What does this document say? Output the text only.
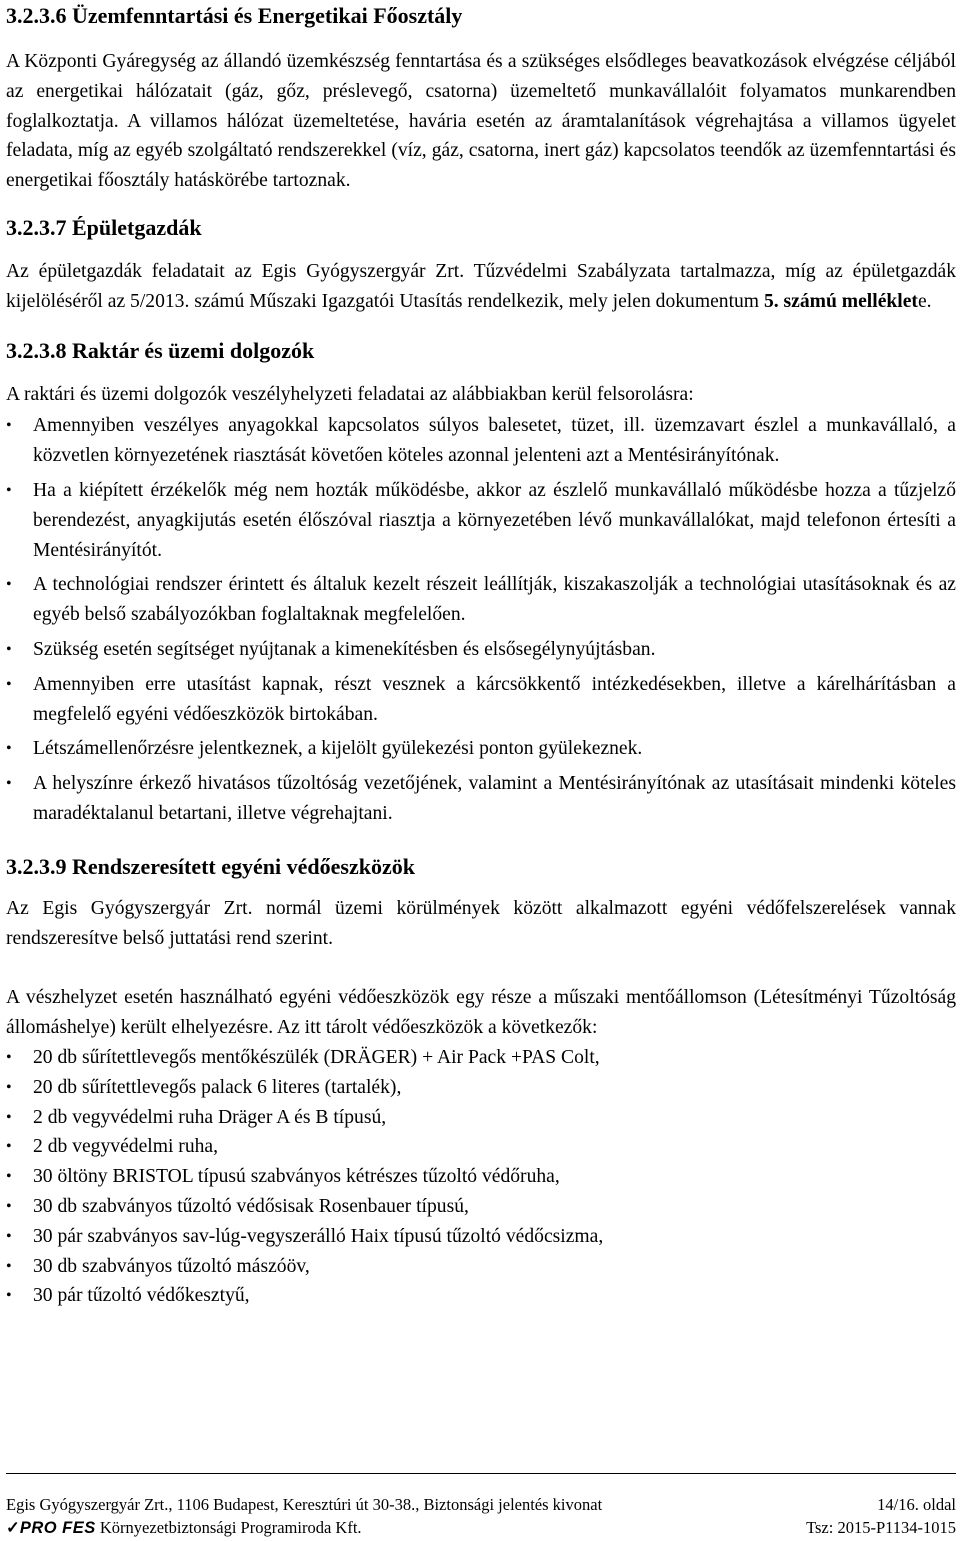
3.2.3.6 Üzemfenntartási és Energetikai Főosztály

A Központi Gyáregység az állandó üzemkészség fenntartása és a szükséges elsődleges beavatkozások elvégzése céljából az energetikai hálózatait (gáz, gőz, préslevegő, csatorna) üzemeltető munkavállalóit folyamatos munkarendben foglalkoztatja. A villamos hálózat üzemeltetése, havária esetén az áramtalanítások végrehajtása a villamos ügyelet feladata, míg az egyéb szolgáltató rendszerekkel (víz, gáz, csatorna, inert gáz) kapcsolatos teendők az üzemfenntartási és energetikai főosztály hatáskörébe tartoznak.

3.2.3.7 Épületgazdák

Az épületgazdák feladatait az Egis Gyógyszergyár Zrt. Tűzvédelmi Szabályzata tartalmazza, míg az épületgazdák kijelöléséről az 5/2013. számú Műszaki Igazgatói Utasítás rendelkezik, mely jelen dokumentum 5. számú melléklete.

3.2.3.8 Raktár és üzemi dolgozók

A raktári és üzemi dolgozók veszélyhelyzeti feladatai az alábbiakban kerül felsorolásra:

•	Amennyiben veszélyes anyagokkal kapcsolatos súlyos balesetet, tüzet, ill. üzemzavart észlel a munkavállaló, a közvetlen környezetének riasztását követően köteles azonnal jelenteni azt a Mentésirányítónak.
•	Ha a kiépített érzékelők még nem hozták működésbe, akkor az észlelő munkavállaló működésbe hozza a tűzjelző berendezést, anyagkijutás esetén élőszóval riasztja a környezetében lévő munkavállalókat, majd telefonon értesíti a Mentésirányítót.
•	A technológiai rendszer érintett és általuk kezelt részeit leállítják, kiszakaszolják a technológiai utasításoknak és az egyéb belső szabályozókban foglaltaknak megfelelően.
•	Szükség esetén segítséget nyújtanak a kimenekítésben és elsősegélynyújtásban.
•	Amennyiben erre utasítást kapnak, részt vesznek a kárcsökkentő intézkedésekben, illetve a kárelhárításban a megfelelő egyéni védőeszközök birtokában.
•	Létszámellenőrzésre jelentkeznek, a kijelölt gyülekezési ponton gyülekeznek.
•	A helyszínre érkező hivatásos tűzoltóság vezetőjének, valamint a Mentésirányítónak az utasításait mindenki köteles maradéktalanul betartani, illetve végrehajtani.
3.2.3.9 Rendszeresített egyéni védőeszközök

Az Egis Gyógyszergyár Zrt. normál üzemi körülmények között alkalmazott egyéni védőfelszerelések vannak rendszeresítve belső juttatási rend szerint.

A vészhelyzet esetén használható egyéni védőeszközök egy része a műszaki mentőállomson (Létesítményi Tűzoltóság állomáshelye) került elhelyezésre. Az itt tárolt védőeszközök a következők:

•	20 db sűrítettlevegős mentőkészülék (DRÄGER) + Air Pack +PAS Colt,
•	20 db sűrítettlevegős palack 6 literes (tartalék),
•	2 db vegyvédelmi ruha Dräger A és B típusú,
•	2 db vegyvédelmi ruha,
•	30 öltöny BRISTOL típusú szabványos kétrészes tűzoltó védőruha,
•	30 db szabványos tűzoltó védősisak Rosenbauer típusú,
•	30 pár szabványos sav-lúg-vegyszerálló Haix típusú tűzoltó védőcsizma,
•	30 db szabványos tűzoltó mászóöv,
•	30 pár tűzoltó védőkesztyű,
Egis Gyógyszergyár Zrt., 1106 Budapest, Keresztúri út 30-38., Biztonsági jelentés kivonat	14/16. oldal
✓PRO FES Környezetbiztonsági Programiroda Kft.	Tsz: 2015-P1134-1015
